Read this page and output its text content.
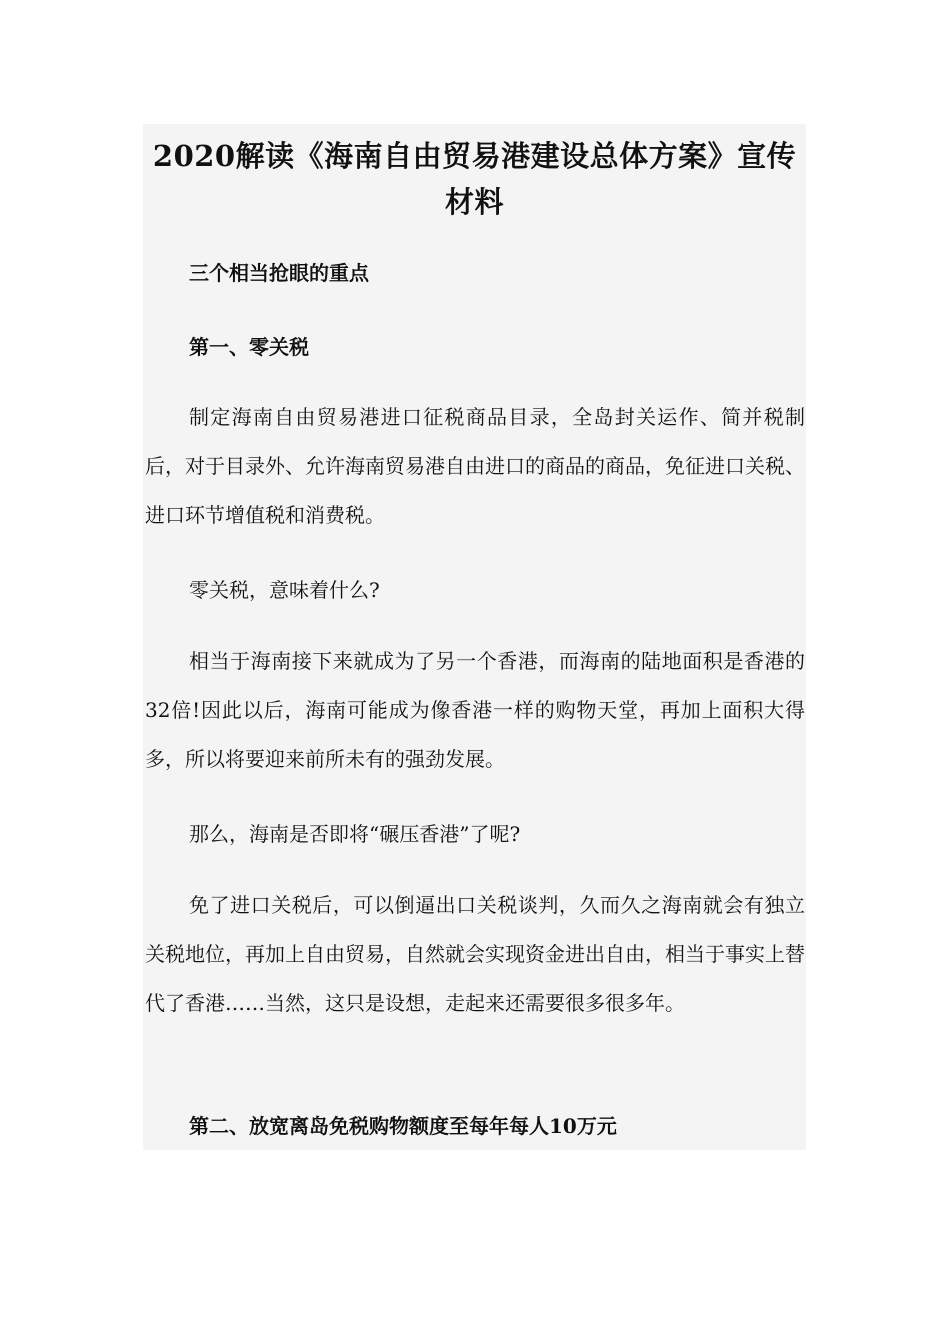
2020解读《海南自由贸易港建设总体方案》宣传材料
三个相当抢眼的重点
第一、零关税

制定海南自由贸易港进口征税商品目录，全岛封关运作、简并税制后，对于目录外、允许海南贸易港自由进口的商品的商品，免征进口关税、进口环节增值税和消费税。

零关税，意味着什么?

相当于海南接下来就成为了另一个香港，而海南的陆地面积是香港的32倍!因此以后，海南可能成为像香港一样的购物天堂，再加上面积大得多，所以将要迎来前所未有的强劲发展。

那么，海南是否即将“碾压香港”了呢?

免了进口关税后，可以倒逼出口关税谈判，久而久之海南就会有独立关税地位，再加上自由贸易，自然就会实现资金进出自由，相当于事实上替代了香港……当然，这只是设想，走起来还需要很多很多年。

第二、放宽离岛免税购物额度至每年每人10万元
